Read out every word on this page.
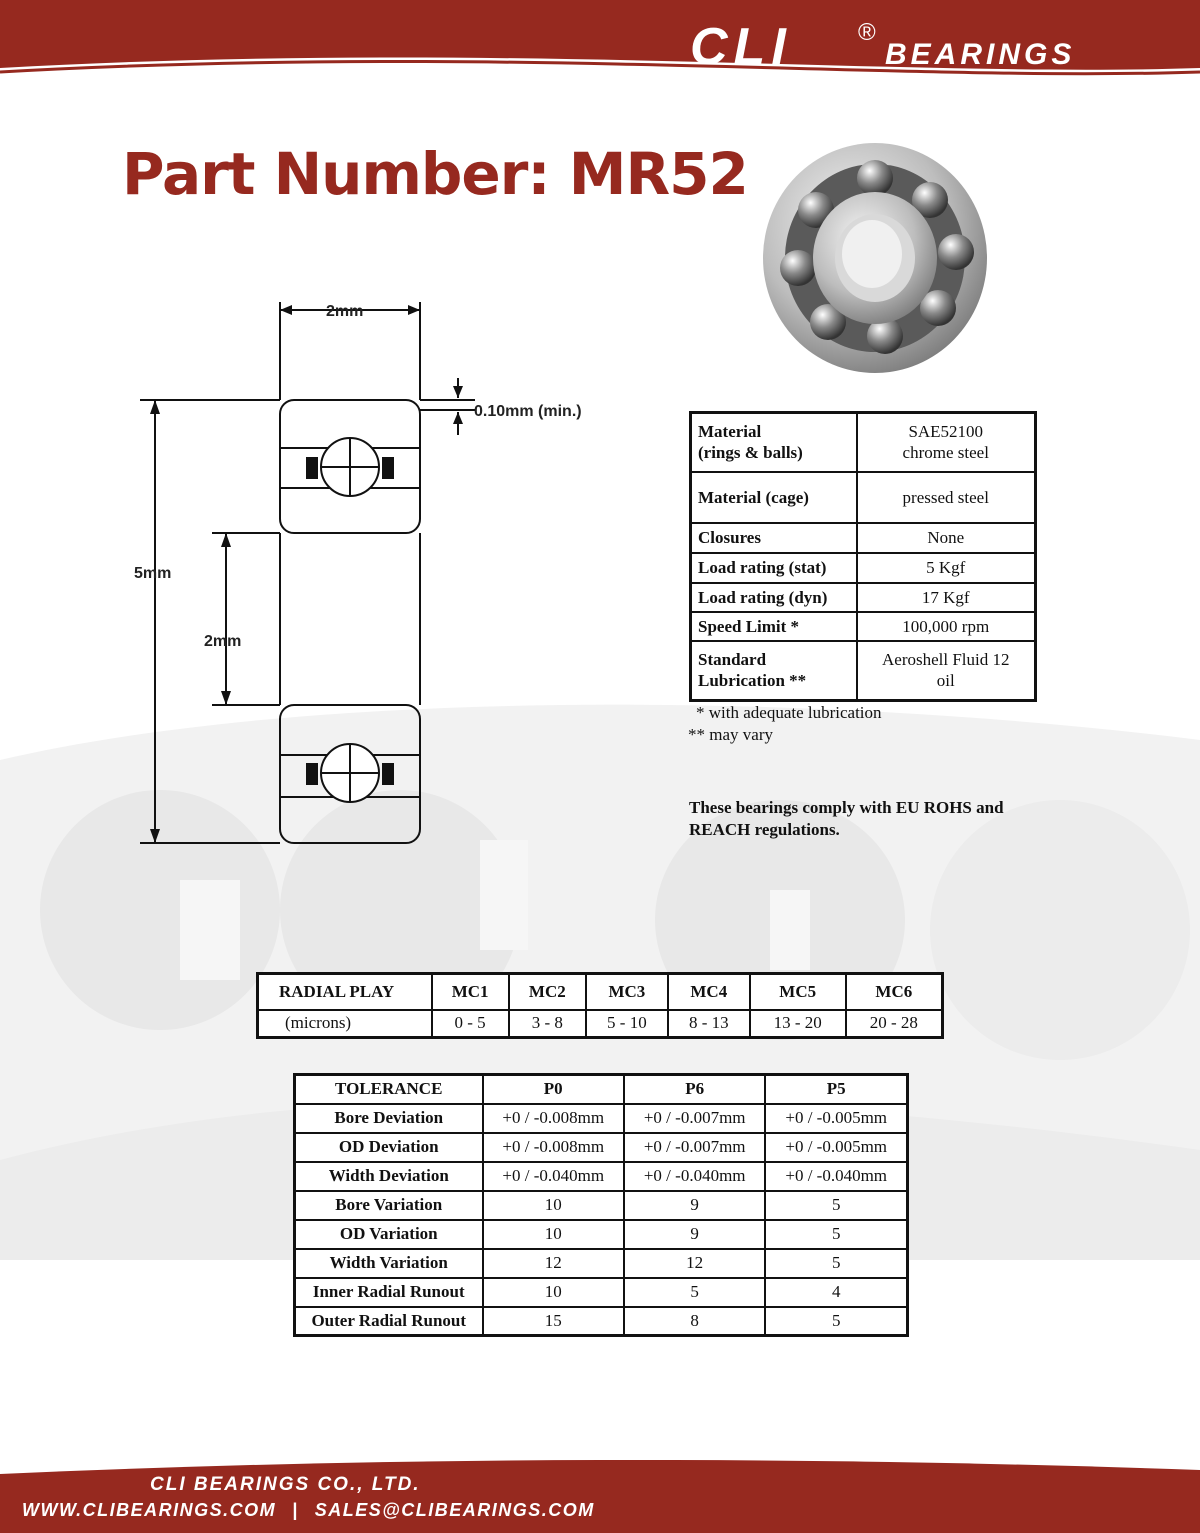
CLI	®
BEARINGS
Part Number: MR52
2mm
0.10mm (min.)
5mm
2mm
Material
(rings & balls)	SAE52100
chrome steel
Material (cage)	pressed steel
Closures	None
Load rating (stat)	5 Kgf
Load rating (dyn)	17 Kgf
Speed Limit *	100,000 rpm
Standard
Lubrication **	Aeroshell Fluid 12
oil
* with adequate lubrication
** may vary
These bearings comply with EU ROHS and REACH regulations.
RADIAL PLAY	MC1	MC2	MC3	MC4	MC5	MC6
(microns)	0 - 5	3 - 8	5 - 10	8 - 13	13 - 20	20 - 28
TOLERANCE	P0	P6	P5
Bore Deviation	+0 / -0.008mm	+0 / -0.007mm	+0 / -0.005mm
OD Deviation	+0 / -0.008mm	+0 / -0.007mm	+0 / -0.005mm
Width Deviation	+0 / -0.040mm	+0 / -0.040mm	+0 / -0.040mm
Bore Variation	10	9	5
OD Variation	10	9	5
Width Variation	12	12	5
Inner Radial Runout	10	5	4
Outer Radial Runout	15	8	5
CLI BEARINGS CO., LTD.
WWW.CLIBEARINGS.COM | SALES@CLIBEARINGS.COM
